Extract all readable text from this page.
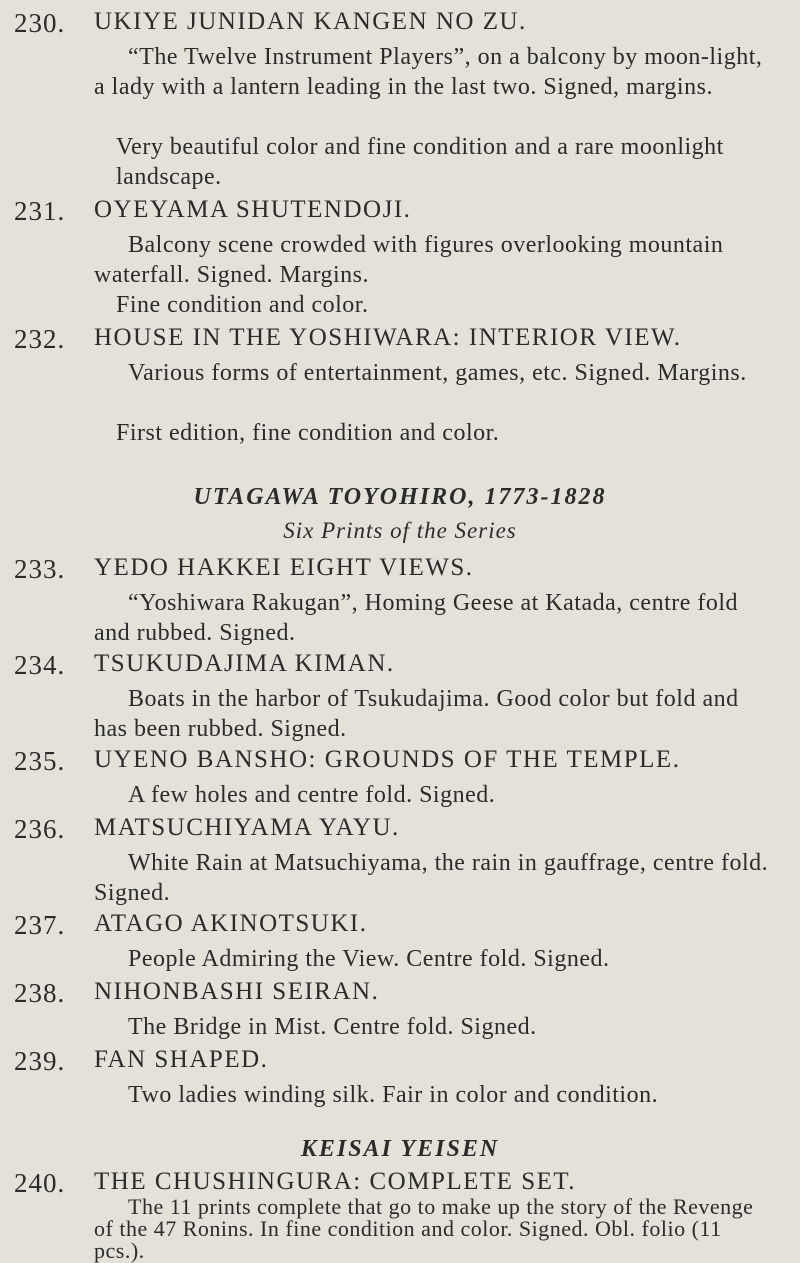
230.	UKIYE JUNIDAN KANGEN NO ZU.
“The Twelve Instrument Players”, on a balcony by moon-light, a lady with a lantern leading in the last two. Signed, margins.
Very beautiful color and fine condition and a rare moonlight landscape.
231.	OYEYAMA SHUTENDOJI.
Balcony scene crowded with figures overlooking mountain waterfall. Signed. Margins.
Fine condition and color.
232.	HOUSE IN THE YOSHIWARA: INTERIOR VIEW.
Various forms of entertainment, games, etc. Signed. Margins.
First edition, fine condition and color.
UTAGAWA TOYOHIRO, 1773-1828
Six Prints of the Series
233.	YEDO HAKKEI EIGHT VIEWS.
“Yoshiwara Rakugan”, Homing Geese at Katada, centre fold and rubbed. Signed.
234.	TSUKUDAJIMA KIMAN.
Boats in the harbor of Tsukudajima. Good color but fold and has been rubbed. Signed.
235.	UYENO BANSHO: GROUNDS OF THE TEMPLE.
A few holes and centre fold. Signed.
236.	MATSUCHIYAMA YAYU.
White Rain at Matsuchiyama, the rain in gauffrage, centre fold. Signed.
237.	ATAGO AKINOTSUKI.
People Admiring the View. Centre fold. Signed.
238.	NIHONBASHI SEIRAN.
The Bridge in Mist. Centre fold. Signed.
239.	FAN SHAPED.
Two ladies winding silk. Fair in color and condition.
KEISAI YEISEN
240.	THE CHUSHINGURA: COMPLETE SET.
The 11 prints complete that go to make up the story of the Revenge of the 47 Ronins. In fine condition and color. Signed. Obl. folio (11 pcs.).
